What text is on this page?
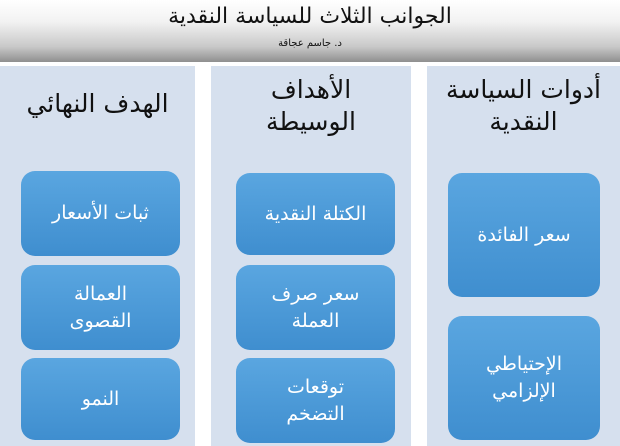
الجوانب الثلاث للسياسة النقدية
د. جاسم عجاقة
الهدف النهائي
ثبات الأسعار
العمالة
القصوى
النمو
الأهداف
الوسيطة
الكتلة النقدية
سعر صرف
العملة
توقعات
التضخم
أدوات السياسة
النقدية
سعر الفائدة
الإحتياطي
الإلزامي
